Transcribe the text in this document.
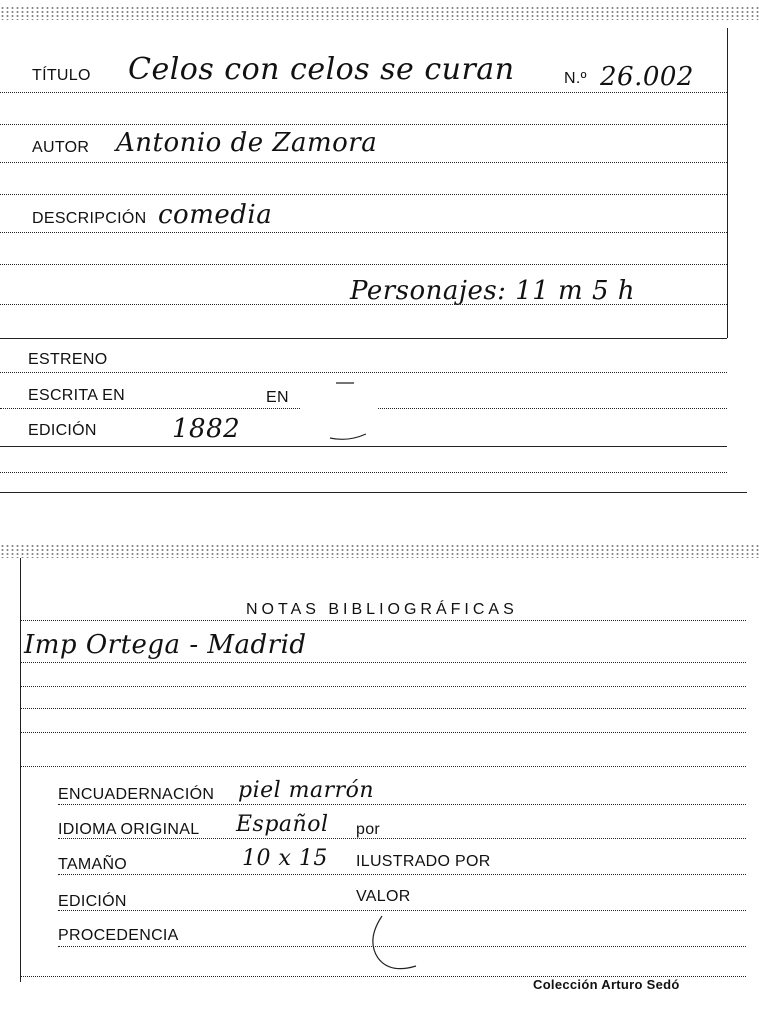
TÍTULO Celos con celos se curan	N.º 26.002
AUTOR Antonio de Zamora
DESCRIPCIÓN comedia
Personajes: 11 m 5 h
ESTRENO
ESCRITA EN	EN
EDICIÓN	1882
NOTAS BIBLIOGRÁFICAS
Imp Ortega - Madrid
ENCUADERNACIÓN piel marrón
IDIOMA ORIGINAL Español por
TAMAÑO	10 x 15 ILUSTRADO POR
EDICIÓN	VALOR
PROCEDENCIA
Colección Arturo Sedó
